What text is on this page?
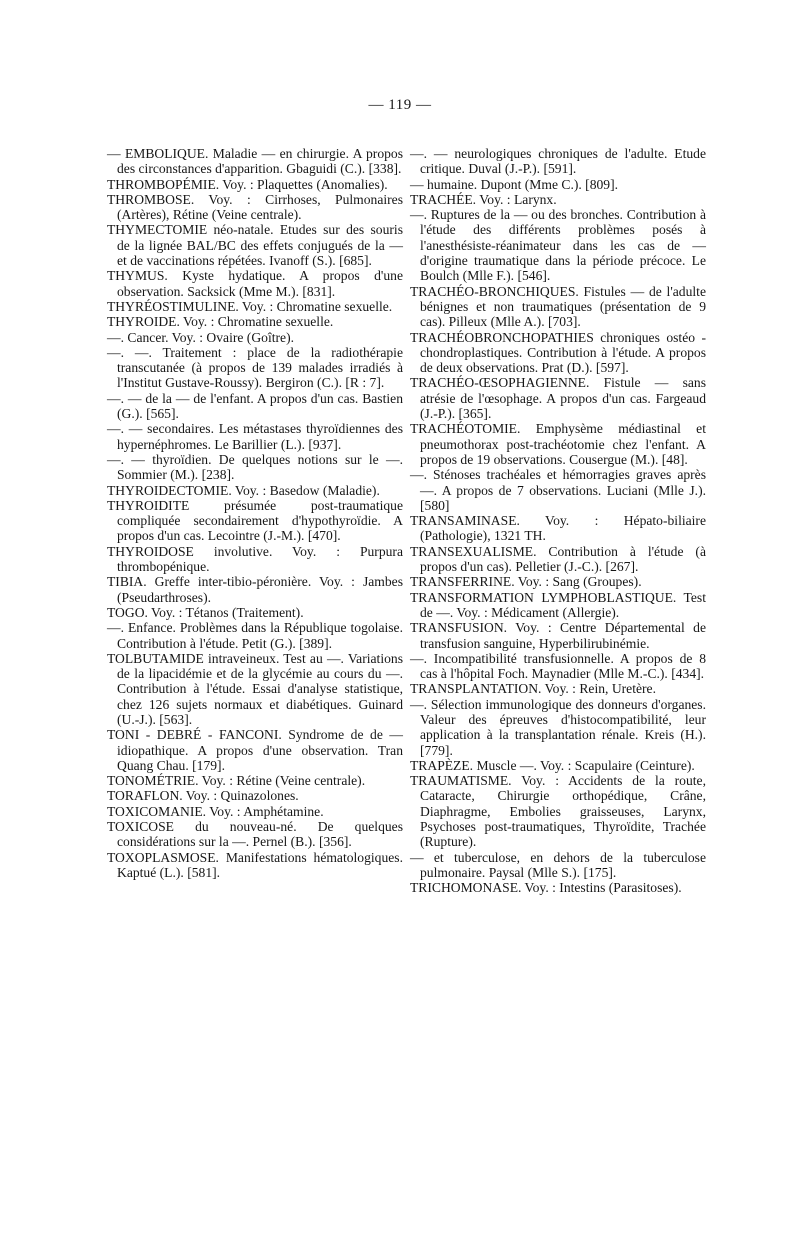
— 119 —

— EMBOLIQUE. Maladie — en chirurgie. A propos des circonstances d'apparition. Gbaguidi (C.). [338].

THROMBOPÉMIE. Voy. : Plaquettes (Anomalies).

THROMBOSE. Voy. : Cirrhoses, Pulmonaires (Artères), Rétine (Veine centrale).

THYMECTOMIE néo-natale. Etudes sur des souris de la lignée BAL/BC des effets conjugués de la — et de vaccinations répétées. Ivanoff (S.). [685].

THYMUS. Kyste hydatique. A propos d'une observation. Sacksick (Mme M.). [831].

THYRÉOSTIMULINE. Voy. : Chromatine sexuelle.

THYROIDE. Voy. : Chromatine sexuelle.

—. Cancer. Voy. : Ovaire (Goître).

—. —. Traitement : place de la radiothérapie transcutanée (à propos de 139 malades irradiés à l'Institut Gustave-Roussy). Bergiron (C.). [R : 7].

—. — de la — de l'enfant. A propos d'un cas. Bastien (G.). [565].

—. — secondaires. Les métastases thyroïdiennes des hypernéphromes. Le Barillier (L.). [937].

—. — thyroïdien. De quelques notions sur le —. Sommier (M.). [238].

THYROIDECTOMIE. Voy. : Basedow (Maladie).

THYROIDITE présumée post-traumatique compliquée secondairement d'hypothyroïdie. A propos d'un cas. Lecointre (J.-M.). [470].

THYROIDOSE involutive. Voy. : Purpura thrombopénique.

TIBIA. Greffe inter-tibio-péronière. Voy. : Jambes (Pseudarthroses).

TOGO. Voy. : Tétanos (Traitement).

—. Enfance. Problèmes dans la République togolaise. Contribution à l'étude. Petit (G.). [389].

TOLBUTAMIDE intraveineux. Test au —. Variations de la lipacidémie et de la glycémie au cours du —. Contribution à l'étude. Essai d'analyse statistique, chez 126 sujets normaux et diabétiques. Guinard (U.-J.). [563].

TONI - DEBRÉ - FANCONI. Syndrome de de — idiopathique. A propos d'une observation. Tran Quang Chau. [179].

TONOMÉTRIE. Voy. : Rétine (Veine centrale).

TORAFLON. Voy. : Quinazolones.

TOXICOMANIE. Voy. : Amphétamine.

TOXICOSE du nouveau-né. De quelques considérations sur la —. Pernel (B.). [356].

TOXOPLASMOSE. Manifestations hématologiques. Kaptué (L.). [581].

—. — neurologiques chroniques de l'adulte. Etude critique. Duval (J.-P.). [591].

— humaine. Dupont (Mme C.). [809].

TRACHÉE. Voy. : Larynx.

—. Ruptures de la — ou des bronches. Contribution à l'étude des différents problèmes posés à l'anesthésiste-réanimateur dans les cas de — d'origine traumatique dans la période précoce. Le Boulch (Mlle F.). [546].

TRACHÉO-BRONCHIQUES. Fistules — de l'adulte bénignes et non traumatiques (présentation de 9 cas). Pilleux (Mlle A.). [703].

TRACHÉOBRONCHOPATHIES chroniques ostéo - chondroplastiques. Contribution à l'étude. A propos de deux observations. Prat (D.). [597].

TRACHÉO-ŒSOPHAGIENNE. Fistule — sans atrésie de l'œsophage. A propos d'un cas. Fargeaud (J.-P.). [365].

TRACHÉOTOMIE. Emphysème médiastinal et pneumothorax post-trachéotomie chez l'enfant. A propos de 19 observations. Cousergue (M.). [48].

—. Sténoses trachéales et hémorragies graves après —. A propos de 7 observations. Luciani (Mlle J.). [580]

TRANSAMINASE. Voy. : Hépato-biliaire (Pathologie), 1321 TH.

TRANSEXUALISME. Contribution à l'étude (à propos d'un cas). Pelletier (J.-C.). [267].

TRANSFERRINE. Voy. : Sang (Groupes).

TRANSFORMATION LYMPHOBLASTIQUE. Test de —. Voy. : Médicament (Allergie).

TRANSFUSION. Voy. : Centre Départemental de transfusion sanguine, Hyperbilirubinémie.

—. Incompatibilité transfusionnelle. A propos de 8 cas à l'hôpital Foch. Maynadier (Mlle M.-C.). [434].

TRANSPLANTATION. Voy. : Rein, Uretère.

—. Sélection immunologique des donneurs d'organes. Valeur des épreuves d'histocompatibilité, leur application à la transplantation rénale. Kreis (H.). [779].

TRAPÈZE. Muscle —. Voy. : Scapulaire (Ceinture).

TRAUMATISME. Voy. : Accidents de la route, Cataracte, Chirurgie orthopédique, Crâne, Diaphragme, Embolies graisseuses, Larynx, Psychoses post-traumatiques, Thyroïdite, Trachée (Rupture).

— et tuberculose, en dehors de la tuberculose pulmonaire. Paysal (Mlle S.). [175].

TRICHOMONASE. Voy. : Intestins (Parasitoses).
